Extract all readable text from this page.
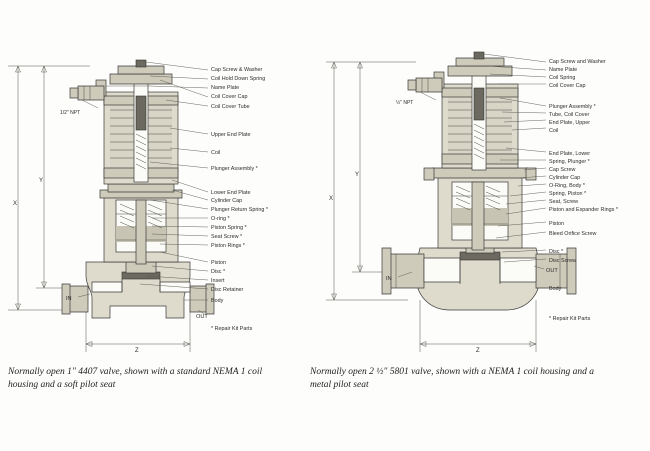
X
Y
Z
IN
OUT
1/2" NPT
Cap Screw & Washer
Coil Hold Down Spring
Name Plate
Coil Cover Cap
Coil Cover Tube
Upper End Plate
Coil
Plunger Assembly *
Lower End Plate
Cylinder Cap
Plunger Return Spring *
O-ring *
Piston Spring *
Seat Screw *
Piston Rings *
Piston
Disc *
Insert
Disc Retainer
Body
* Repair Kit Parts
X
Y
Z
IN
OUT
½" NPT
Cap Screw and Washer
Name Plate
Coil Spring
Coil Cover Cap
Plunger Assembly *
Tube, Coil Cover
End Plate, Upper
Coil
End Plate, Lower
Spring, Plunger *
Cap Screw
Cylinder Cap
O-Ring, Body *
Spring, Piston *
Seat, Screw
Piston and Expander Rings *
Piston
Bleed Orifice Screw
Disc *
Disc Screw
Body
* Repair Kit Parts
Normally open 1" 4407 valve, shown with a standard NEMA 1 coil housing and a soft pilot seat
Normally open 2 ½" 5801 valve, shown with a NEMA 1 coil housing and a metal pilot seat
